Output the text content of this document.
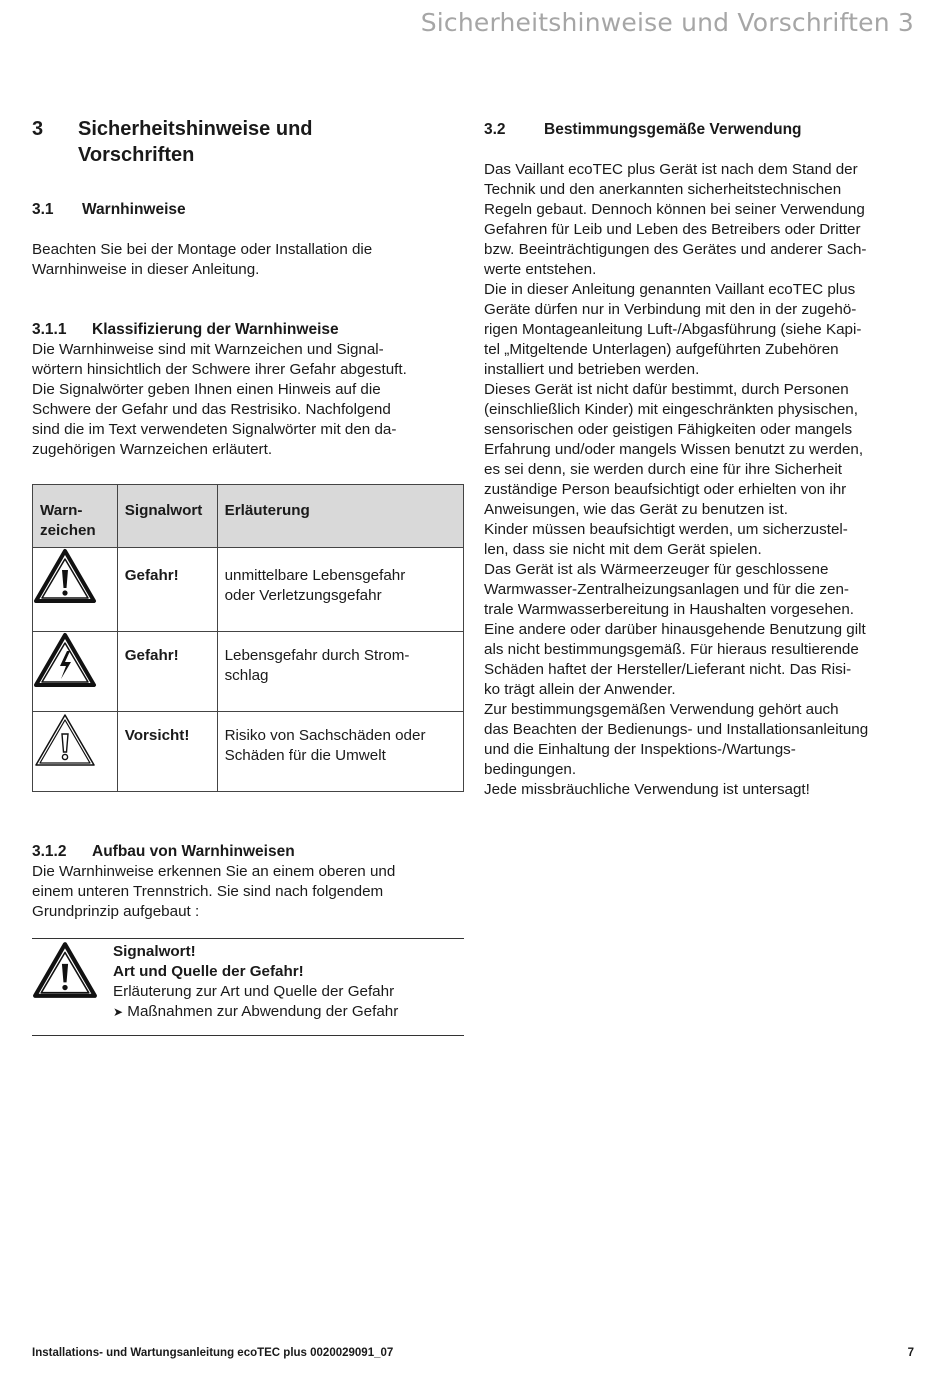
Sicherheitshinweise und Vorschriften 3
3 Sicherheitshinweise und
Vorschriften
3.1 Warnhinweise
Beachten Sie bei der Montage oder Installation die
Warnhinweise in dieser Anleitung.
3.1.1 Klassifizierung der Warnhinweise
Die Warnhinweise sind mit Warnzeichen und Signal-
wörtern hinsichtlich der Schwere ihrer Gefahr abgestuft.
Die Signalwörter geben Ihnen einen Hinweis auf die
Schwere der Gefahr und das Restrisiko. Nachfolgend
sind die im Text verwendeten Signalwörter mit den da-
zugehörigen Warnzeichen erläutert.
Warn-
zeichen	Signalwort	Erläuterung

Gefahr!	unmittelbare Lebensgefahr
oder Verletzungsgefahr

Gefahr!	Lebensgefahr durch Strom-
schlag

Vorsicht!	Risiko von Sachschäden oder
Schäden für die Umwelt
3.1.2 Aufbau von Warnhinweisen
Die Warnhinweise erkennen Sie an einem oberen und
einem unteren Trennstrich. Sie sind nach folgendem
Grundprinzip aufgebaut :
Signalwort!
Art und Quelle der Gefahr!
Erläuterung zur Art und Quelle der Gefahr
➤ Maßnahmen zur Abwendung der Gefahr
3.2 Bestimmungsgemäße Verwendung
Das Vaillant ecoTEC plus Gerät ist nach dem Stand der
Technik und den anerkannten sicherheitstechnischen
Regeln gebaut. Dennoch können bei seiner Verwendung
Gefahren für Leib und Leben des Betreibers oder Dritter
bzw. Beeinträchtigungen des Gerätes und anderer Sach-
werte entstehen.
Die in dieser Anleitung genannten Vaillant ecoTEC plus
Geräte dürfen nur in Verbindung mit den in der zugehö-
rigen Montageanleitung Luft-/Abgasführung (siehe Kapi-
tel „Mitgeltende Unterlagen) aufgeführten Zubehören
installiert und betrieben werden.
Dieses Gerät ist nicht dafür bestimmt, durch Personen
(einschließlich Kinder) mit eingeschränkten physischen,
sensorischen oder geistigen Fähigkeiten oder mangels
Erfahrung und/oder mangels Wissen benutzt zu werden,
es sei denn, sie werden durch eine für ihre Sicherheit
zuständige Person beaufsichtigt oder erhielten von ihr
Anweisungen, wie das Gerät zu benutzen ist.
Kinder müssen beaufsichtigt werden, um sicherzustel-
len, dass sie nicht mit dem Gerät spielen.
Das Gerät ist als Wärmeerzeuger für geschlossene
Warmwasser-Zentralheizungsanlagen und für die zen-
trale Warmwasserbereitung in Haushalten vorgesehen.
Eine andere oder darüber hinausgehende Benutzung gilt
als nicht bestimmungsgemäß. Für hieraus resultierende
Schäden haftet der Hersteller/Lieferant nicht. Das Risi-
ko trägt allein der Anwender.
Zur bestimmungsgemäßen Verwendung gehört auch
das Beachten der Bedienungs- und Installationsanleitung
und die Einhaltung der Inspektions-/Wartungs-
bedingungen.
Jede missbräuchliche Verwendung ist untersagt!
Installations- und Wartungsanleitung ecoTEC plus 0020029091_07	7
